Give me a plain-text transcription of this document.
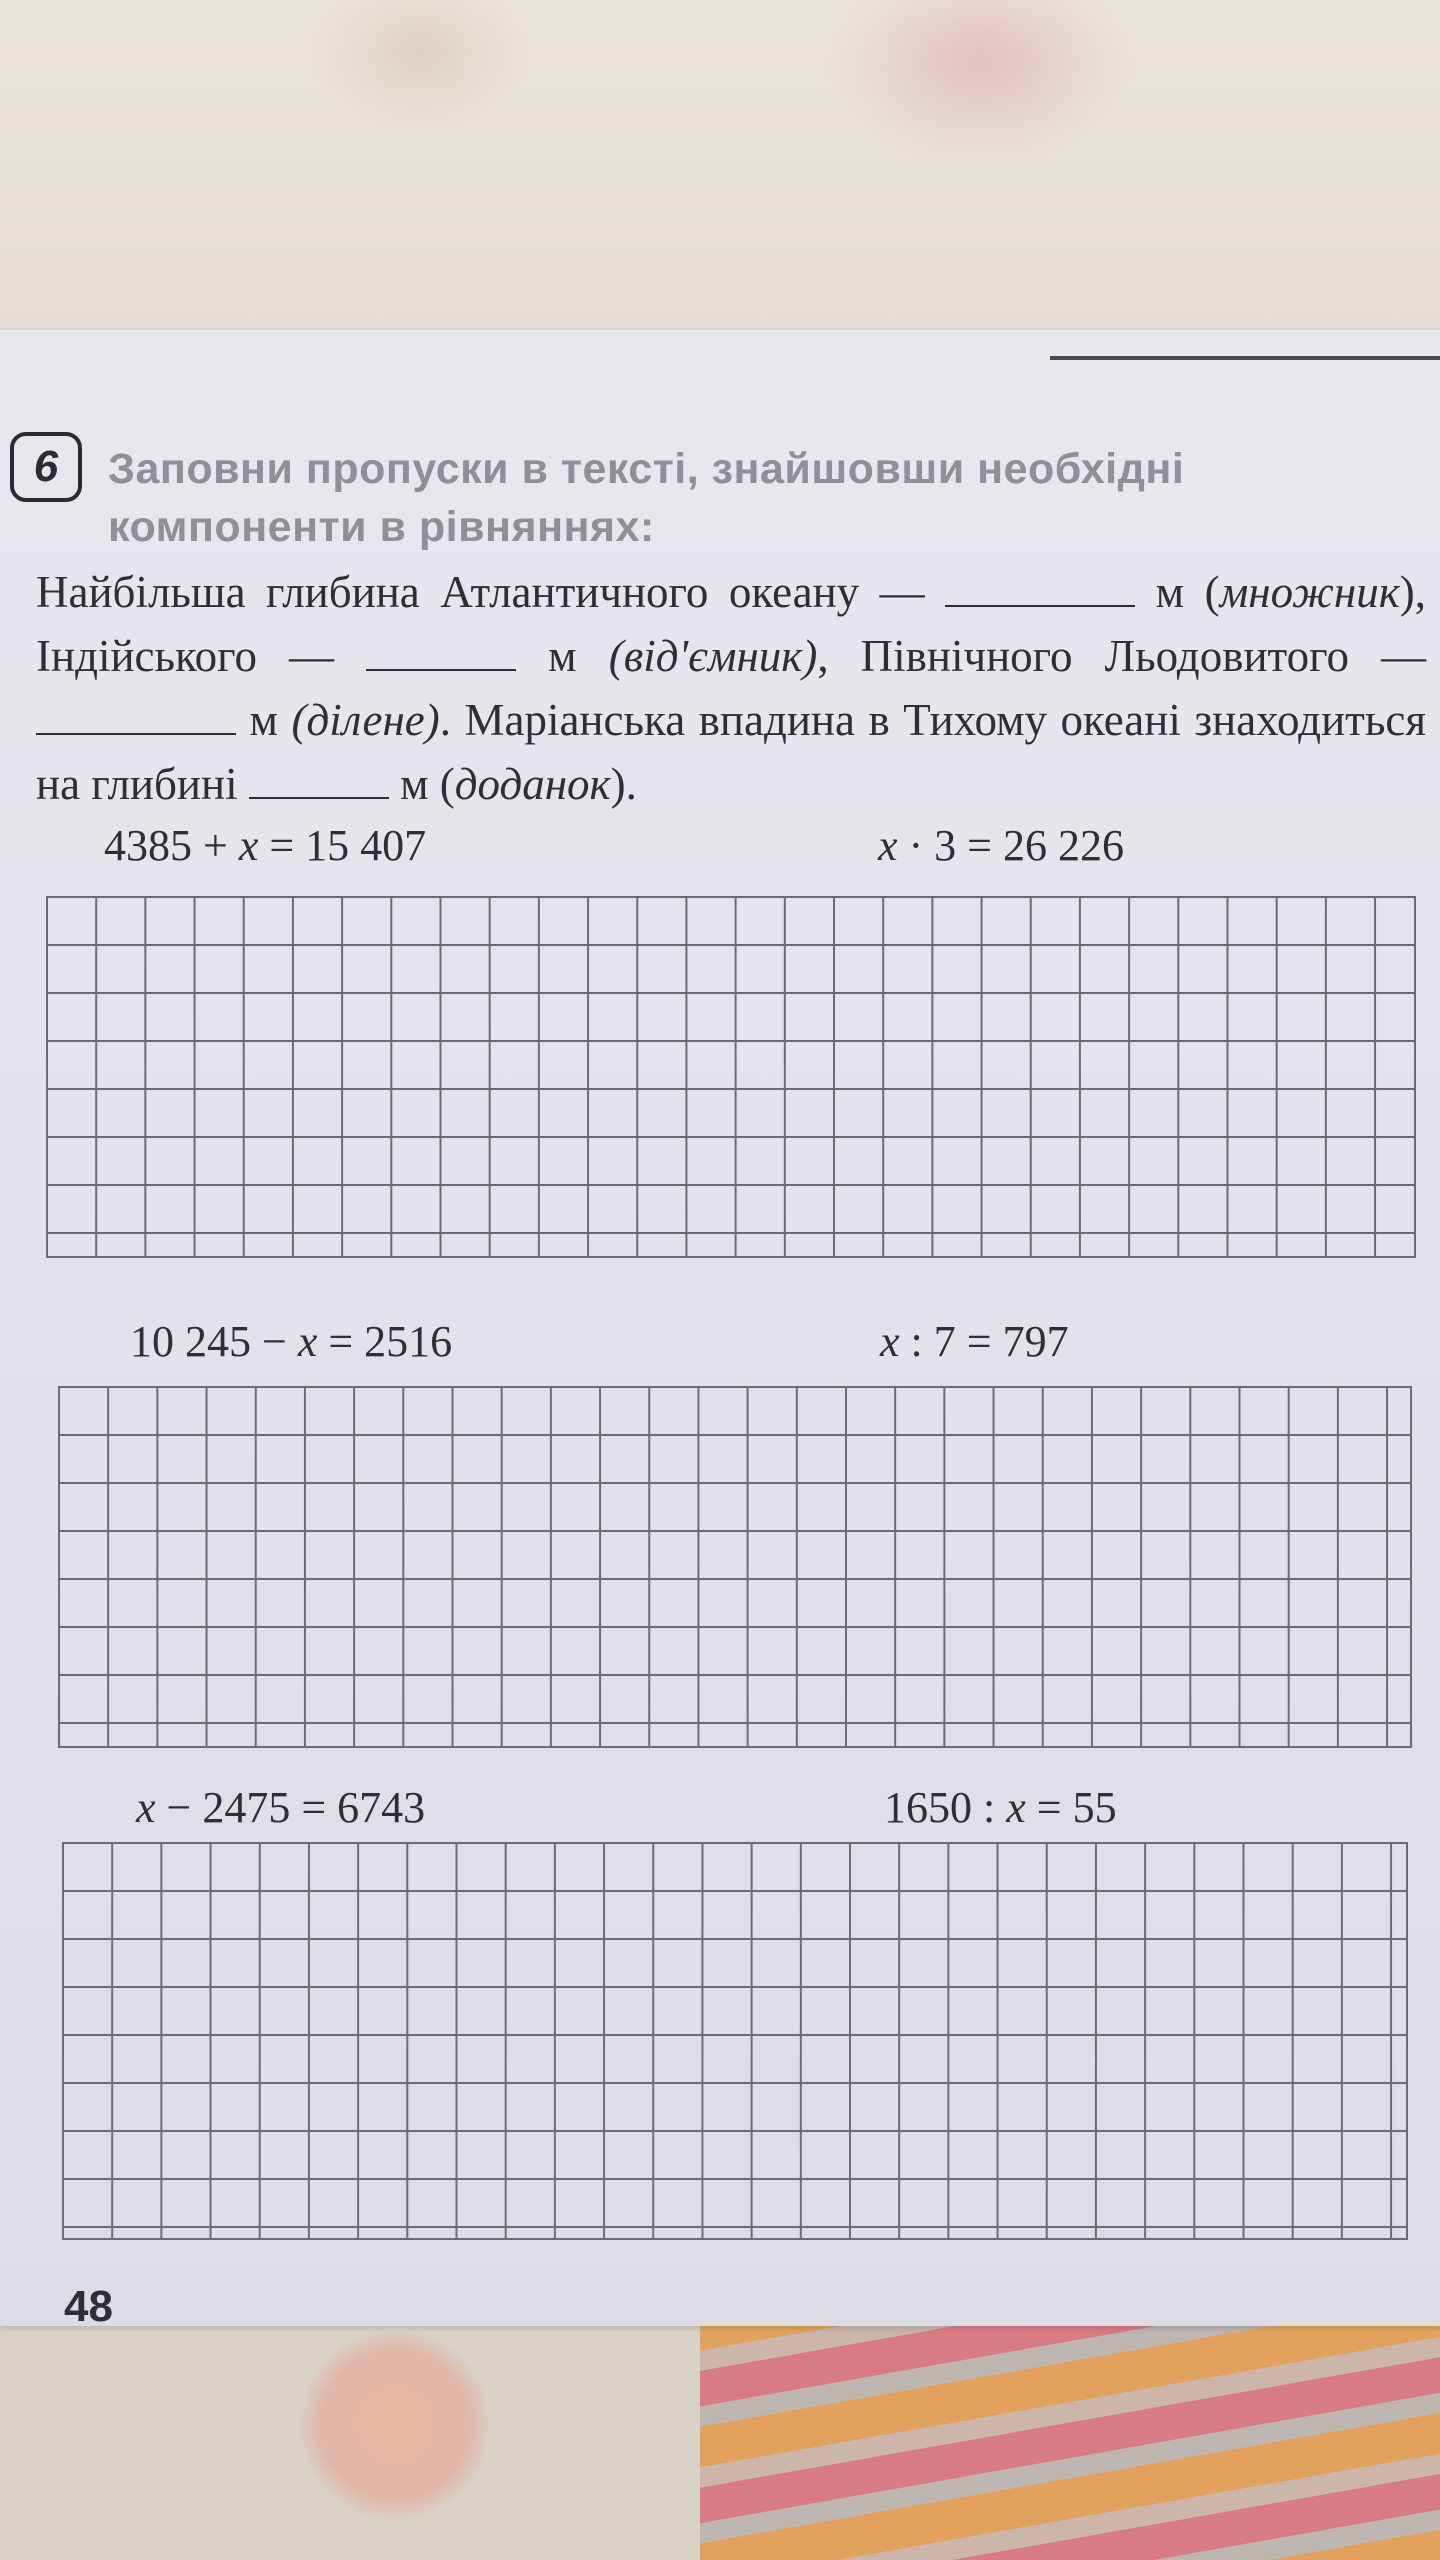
6	Заповни пропуски в тексті, знайшовши необхідні компоненти в рівняннях:
Найбільша глибина Атлантичного океану —	м (множник), Індійського —	м (від'ємник), Північного Льодовитого —  м (ділене). Маріанська впадина в Тихому океані знаходиться на глибині	м (доданок).
4385 + x = 15 407	x · 3 = 26 226
10 245 − x = 2516	x : 7 = 797
x − 2475 = 6743	1650 : x = 55
48
